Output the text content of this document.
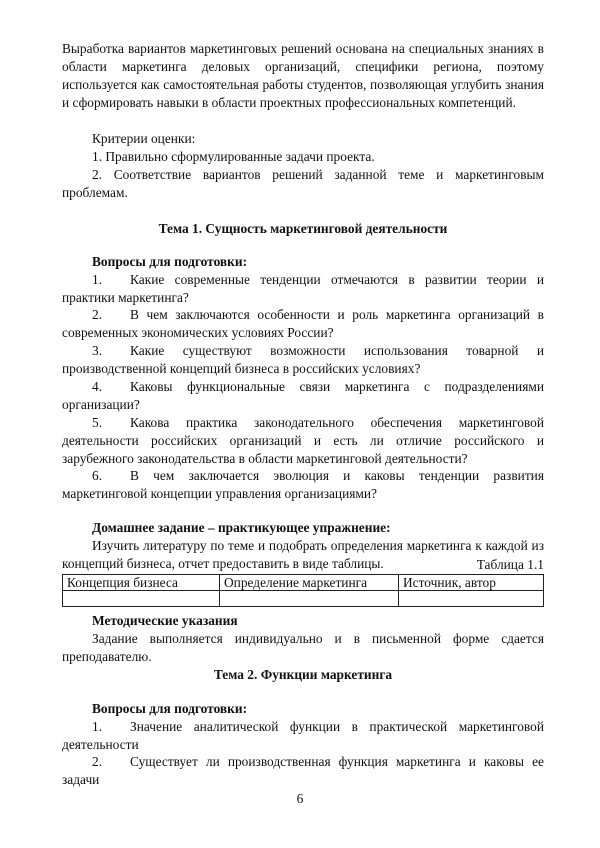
Выработка вариантов маркетинговых решений основана на специальных знаниях в области маркетинга деловых организаций, специфики региона, поэтому используется как самостоятельная работы студентов, позволяющая углубить знания и сформировать навыки в области проектных профессиональных компетенций.

Критерии оценки:

1. Правильно сформулированные задачи проекта.

2. Соответствие вариантов решений заданной теме и маркетинговым проблемам.

Тема 1. Сущность маркетинговой деятельности

Вопросы для подготовки:

1. Какие современные тенденции отмечаются в развитии теории и практики маркетинга?

2. В чем заключаются особенности и роль маркетинга организаций в современных экономических условиях России?

3. Какие существуют возможности использования товарной и производственной концепций бизнеса в российских условиях?

4. Каковы функциональные связи маркетинга с подразделениями организации?

5. Какова практика законодательного обеспечения маркетинговой деятельности российских организаций и есть ли отличие российского и зарубежного законодательства в области маркетинговой деятельности?

6. В чем заключается эволюция и каковы тенденции развития маркетинговой концепции управления организациями?

Домашнее задание – практикующее упражнение:

Изучить литературу по теме и подобрать определения маркетинга к каждой из концепций бизнеса, отчет предоставить в виде таблицы.	Таблица 1.1

Концепция бизнеса	Определение маркетинга	Источник, автор

Методические указания

Задание выполняется индивидуально и в письменной форме сдается преподавателю.

Тема 2. Функции маркетинга

Вопросы для подготовки:

1. Значение аналитической функции в практической маркетинговой деятельности

2. Существует ли производственная функция маркетинга и каковы ее задачи

6
